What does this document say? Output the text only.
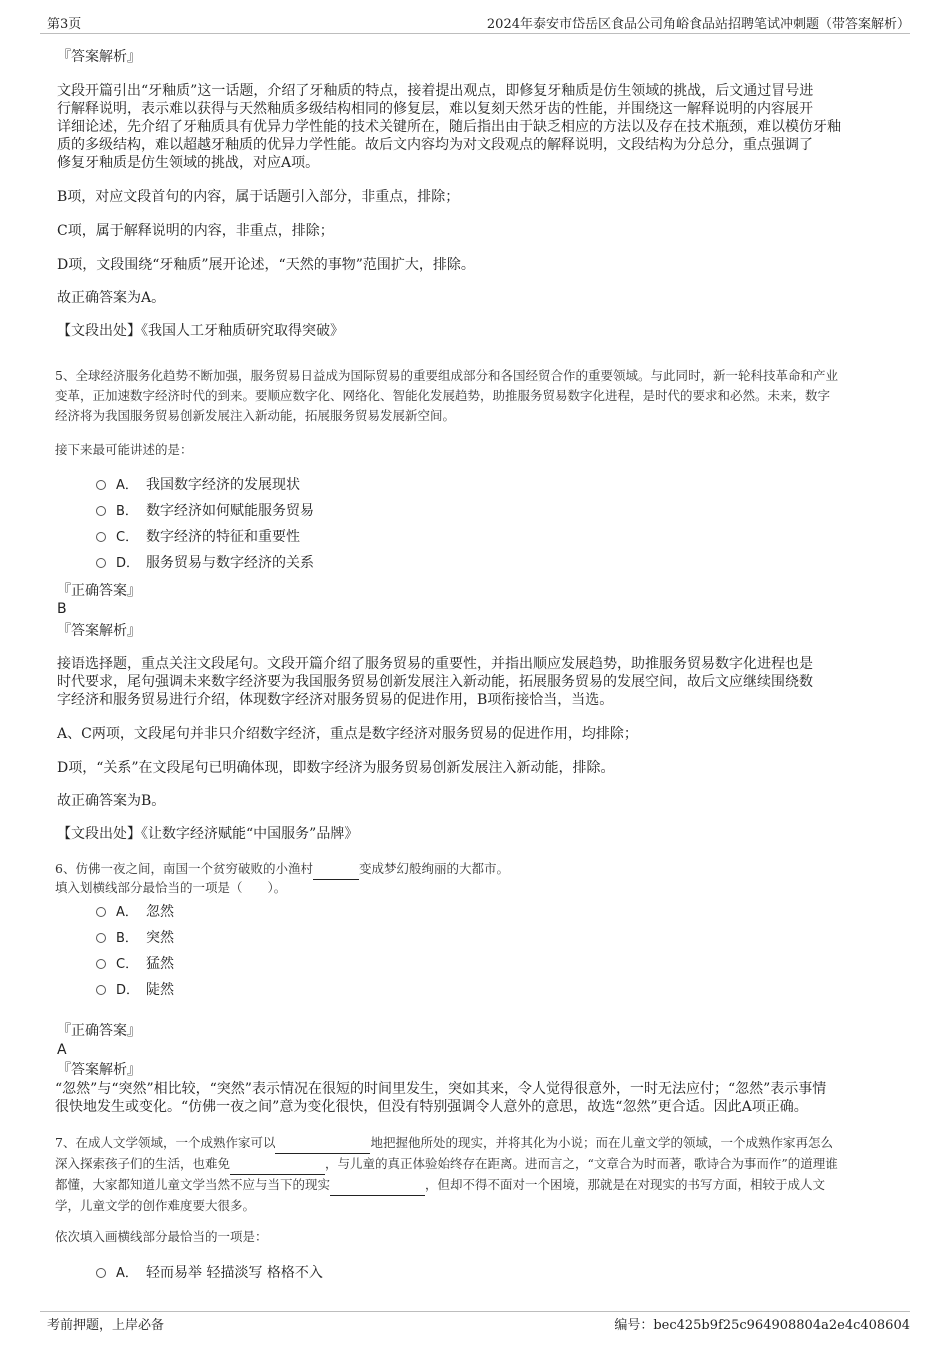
第3页	2024年泰安市岱岳区食品公司角峪食品站招聘笔试冲刺题（带答案解析）
『答案解析』
文段开篇引出“牙釉质”这一话题，介绍了牙釉质的特点，接着提出观点，即修复牙釉质是仿生领域的挑战，后文通过冒号进
行解释说明，表示难以获得与天然釉质多级结构相同的修复层，难以复刻天然牙齿的性能，并围绕这一解释说明的内容展开
详细论述，先介绍了牙釉质具有优异力学性能的技术关键所在，随后指出由于缺乏相应的方法以及存在技术瓶颈，难以模仿牙釉
质的多级结构，难以超越牙釉质的优异力学性能。故后文内容均为对文段观点的解释说明，文段结构为分总分，重点强调了
修复牙釉质是仿生领域的挑战，对应A项。
B项，对应文段首句的内容，属于话题引入部分，非重点，排除；
C项，属于解释说明的内容，非重点，排除；
D项，文段围绕“牙釉质”展开论述，“天然的事物”范围扩大，排除。
故正确答案为A。
【文段出处】《我国人工牙釉质研究取得突破》
5、全球经济服务化趋势不断加强，服务贸易日益成为国际贸易的重要组成部分和各国经贸合作的重要领域。与此同时，新一轮科技革命和产业
变革，正加速数字经济时代的到来。要顺应数字化、网络化、智能化发展趋势，助推服务贸易数字化进程，是时代的要求和必然。未来，数字
经济将为我国服务贸易创新发展注入新动能，拓展服务贸易发展新空间。
接下来最可能讲述的是：
A． 我国数字经济的发展现状
B． 数字经济如何赋能服务贸易
C． 数字经济的特征和重要性
D． 服务贸易与数字经济的关系
『正确答案』
B
『答案解析』
接语选择题，重点关注文段尾句。文段开篇介绍了服务贸易的重要性，并指出顺应发展趋势，助推服务贸易数字化进程也是
时代要求，尾句强调未来数字经济要为我国服务贸易创新发展注入新动能，拓展服务贸易的发展空间，故后文应继续围绕数
字经济和服务贸易进行介绍，体现数字经济对服务贸易的促进作用，B项衔接恰当，当选。
A、C两项，文段尾句并非只介绍数字经济，重点是数字经济对服务贸易的促进作用，均排除；
D项，“关系”在文段尾句已明确体现，即数字经济为服务贸易创新发展注入新动能，排除。
故正确答案为B。
【文段出处】《让数字经济赋能“中国服务”品牌》
6、仿佛一夜之间，南国一个贫穷破败的小渔村	变成梦幻般绚丽的大都市。
填入划横线部分最恰当的一项是（　　）。
A． 忽然
B． 突然
C． 猛然
D． 陡然
『正确答案』
A
『答案解析』
“忽然”与“突然”相比较，“突然”表示情况在很短的时间里发生，突如其来，令人觉得很意外，一时无法应付；“忽然”表示事情
很快地发生或变化。“仿佛一夜之间”意为变化很快，但没有特别强调令人意外的意思，故选“忽然”更合适。因此A项正确。
7、在成人文学领域，一个成熟作家可以	地把握他所处的现实，并将其化为小说；而在儿童文学的领域，一个成熟作家再怎么
深入探索孩子们的生活，也难免	，与儿童的真正体验始终存在距离。进而言之，“文章合为时而著，歌诗合为事而作”的道理谁
都懂，大家都知道儿童文学当然不应与当下的现实	，但却不得不面对一个困境，那就是在对现实的书写方面，相较于成人文
学，儿童文学的创作难度要大很多。
依次填入画横线部分最恰当的一项是：
A． 轻而易举 轻描淡写 格格不入
考前押题，上岸必备	编号：bec425b9f25c964908804a2e4c408604
